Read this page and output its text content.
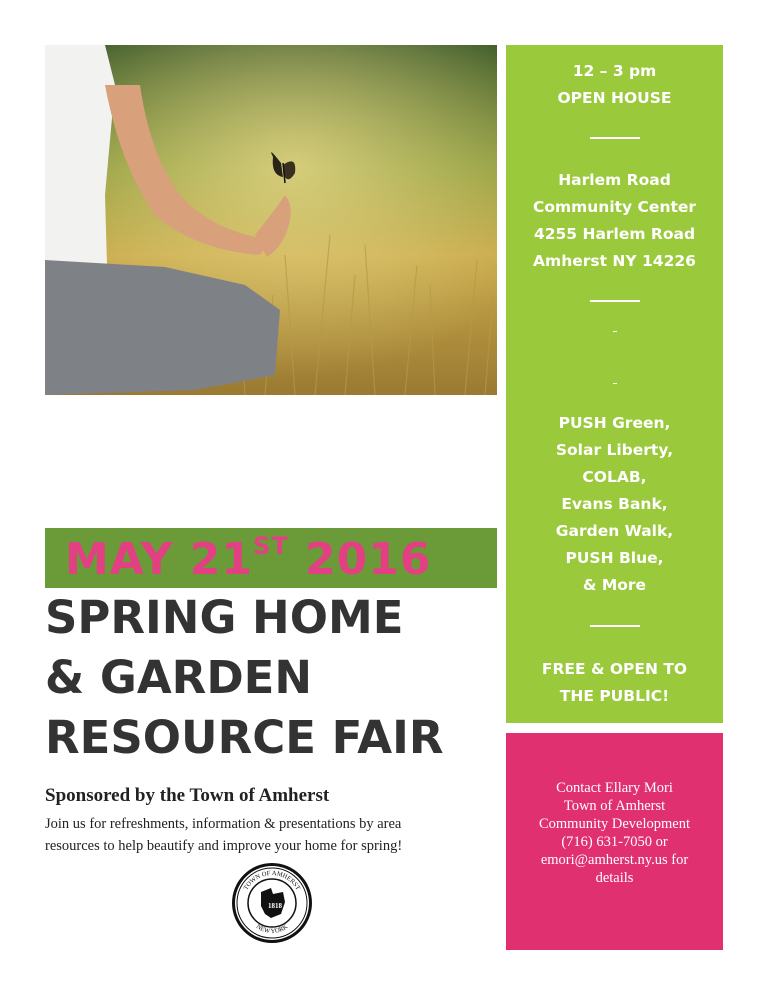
12 – 3 pm
OPEN HOUSE
Harlem Road
Community Center
4255 Harlem Road
Amherst NY 14226
PUSH Green,
Solar Liberty,
COLAB,
Evans Bank,
Garden Walk,
PUSH Blue,
& More
FREE & OPEN TO
THE PUBLIC!
Contact Ellary Mori
Town of Amherst
Community Development
(716) 631-7050 or
emori@amherst.ny.us for
details
MAY 21ST 2016
SPRING HOME
& GARDEN
RESOURCE FAIR
Sponsored by the Town of Amherst
Join us for refreshments, information & presentations by area
resources to help beautify and improve your home for spring!
1818
TOWN OF AMHERST
NEW YORK
